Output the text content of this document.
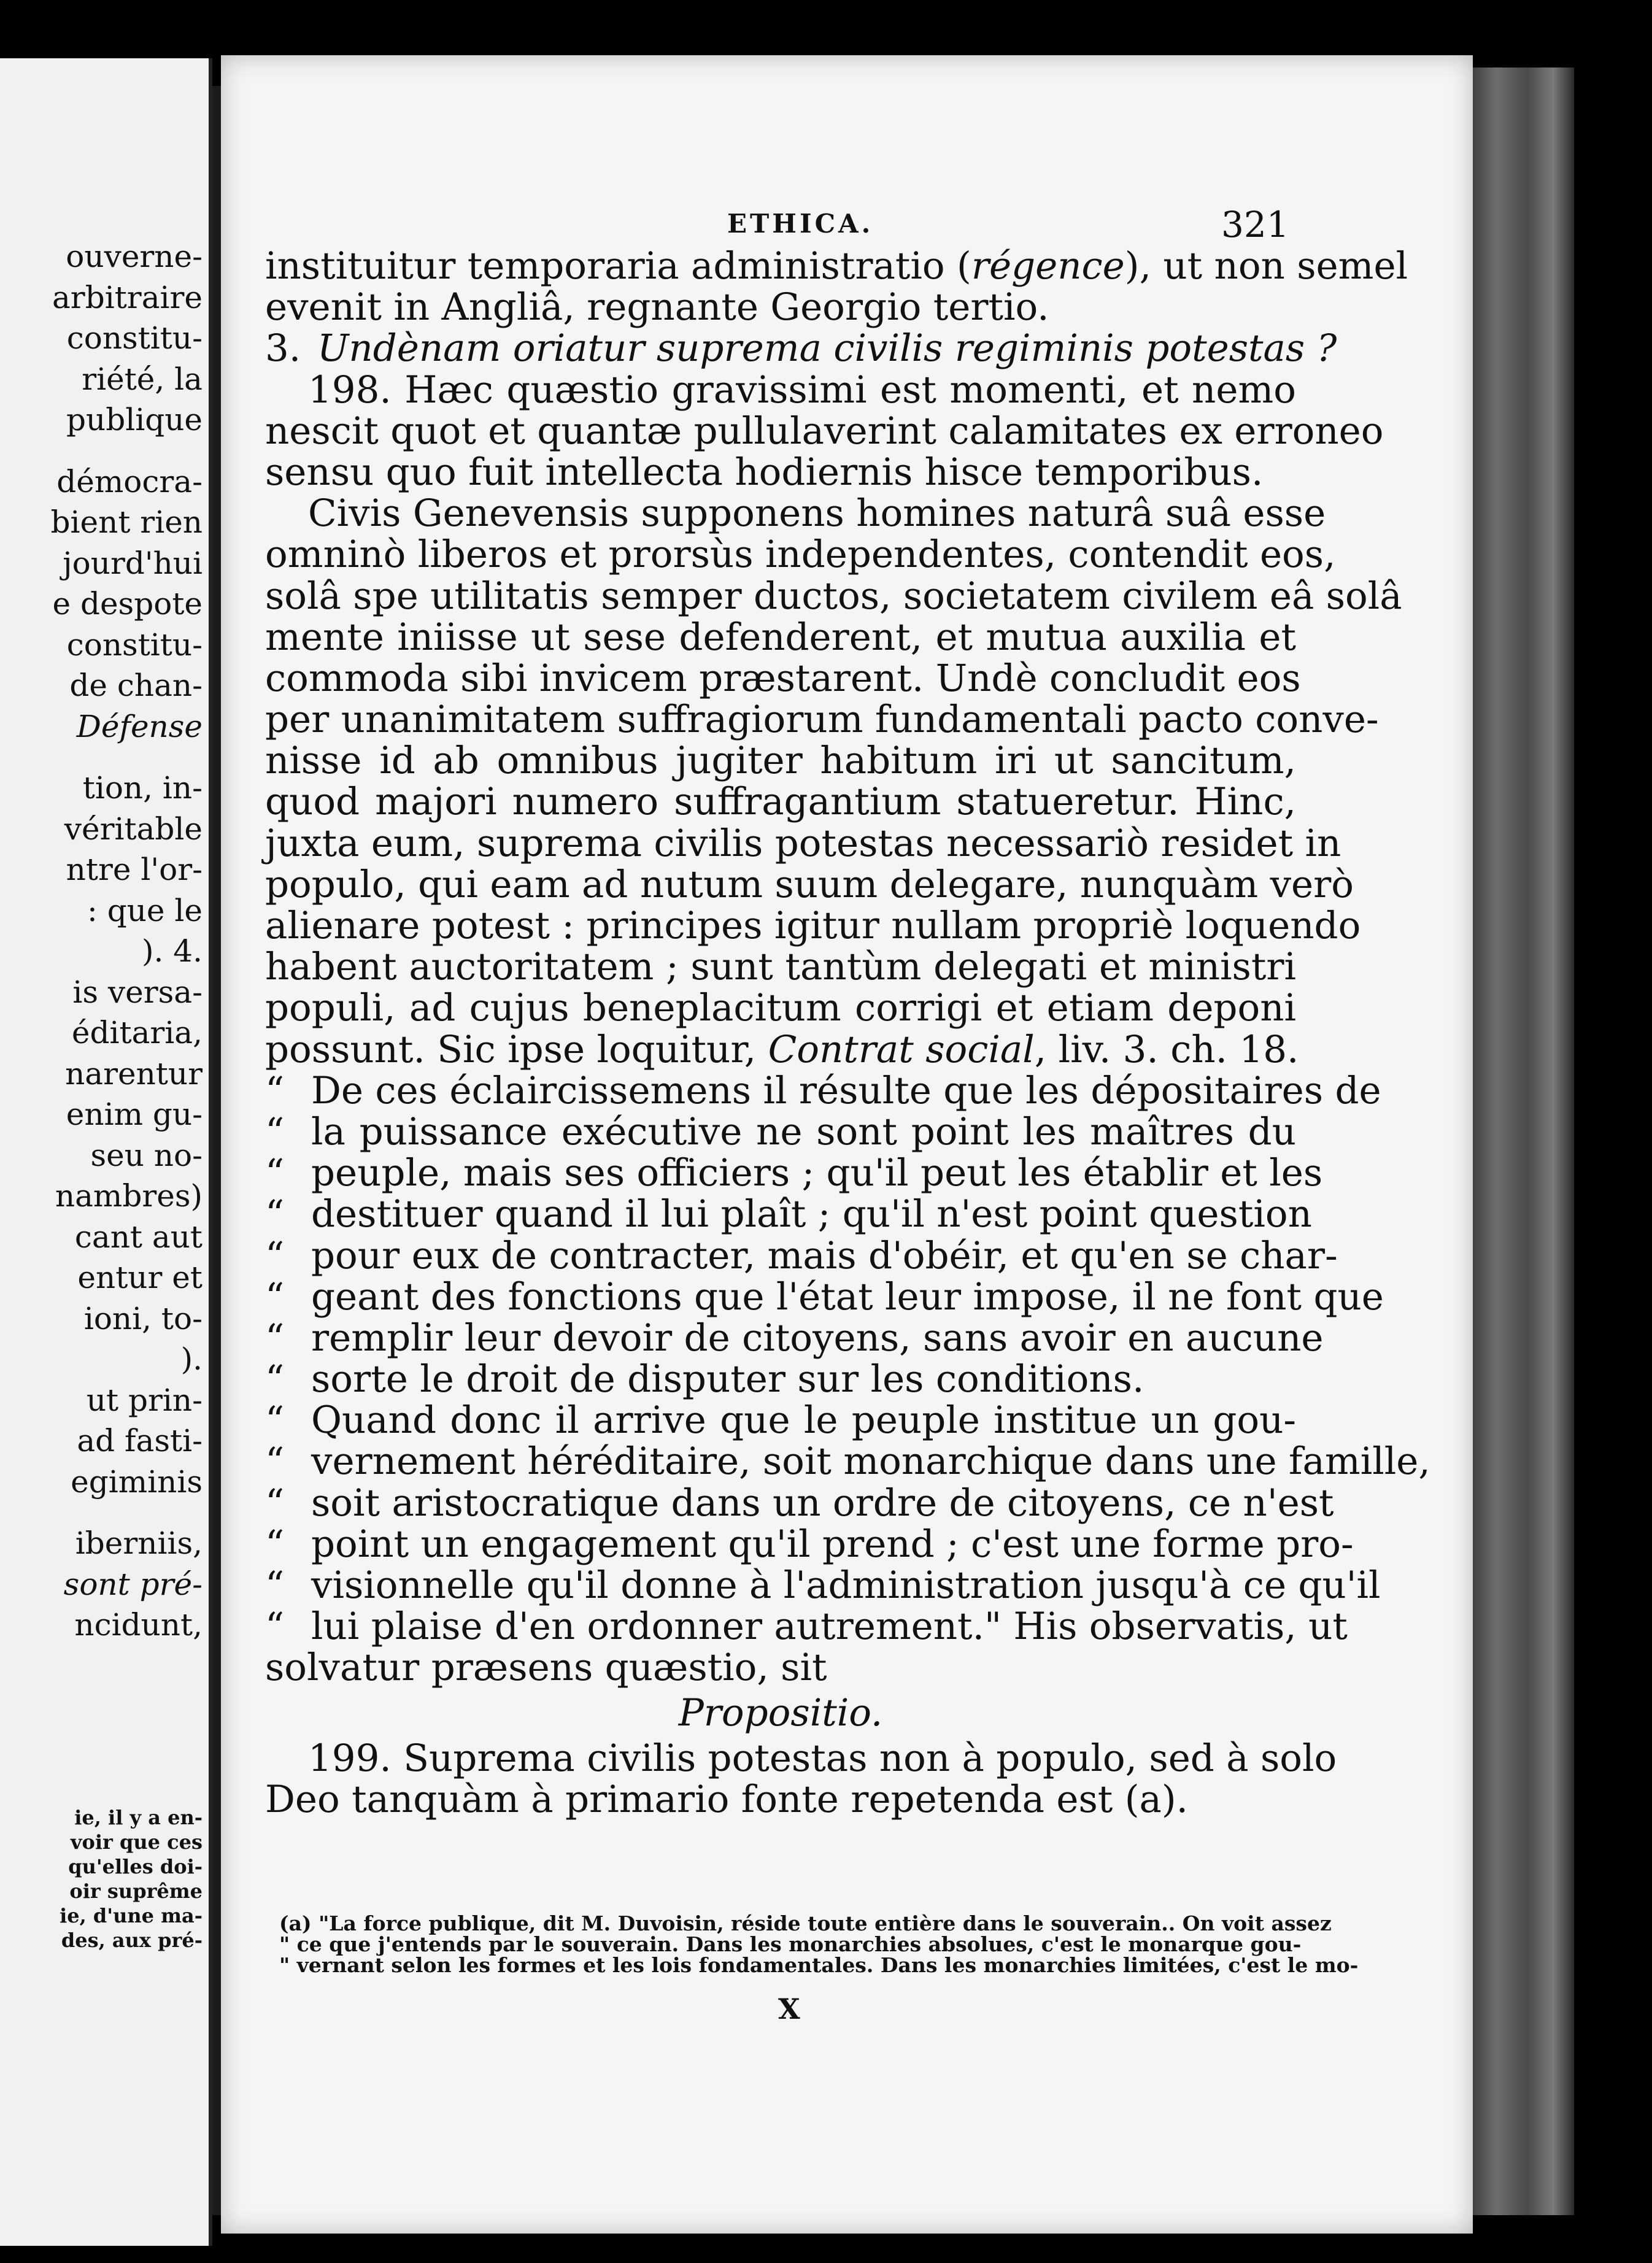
ouverne-
arbitraire
constitu-
riété, la
publique
démocra-
bient rien
jourd'hui
e despote
constitu-
de chan-
Défense
tion, in-
véritable
ntre l'or-
: que le
). 4.
is versa-
éditaria,
narentur
enim gu-
seu no-
nambres)
cant aut
entur et
ioni, to-
).
ut prin-
ad fasti-
egiminis
iberniis,
sont pré-
ncidunt,
ie, il y a en-
voir que ces
qu'elles doi-
oir suprême
ie, d'une ma-
des, aux pré-
ETHICA.	321
instituitur temporaria administratio (régence), ut non semel
evenit in Angliâ, regnante Georgio tertio.
3. Undènam oriatur suprema civilis regiminis potestas ?
198. Hæc quæstio gravissimi est momenti, et nemo
nescit quot et quantæ pullulaverint calamitates ex erroneo
sensu quo fuit intellecta hodiernis hisce temporibus.
Civis Genevensis supponens homines naturâ suâ esse
omninò liberos et prorsùs independentes, contendit eos,
solâ spe utilitatis semper ductos, societatem civilem eâ solâ
mente iniisse ut sese defenderent, et mutua auxilia et
commoda sibi invicem præstarent. Undè concludit eos
per unanimitatem suffragiorum fundamentali pacto conve-
nisse id ab omnibus jugiter habitum iri ut sancitum,
quod majori numero suffragantium statueretur. Hinc,
juxta eum, suprema civilis potestas necessariò residet in
populo, qui eam ad nutum suum delegare, nunquàm verò
alienare potest : principes igitur nullam propriè loquendo
habent auctoritatem ; sunt tantùm delegati et ministri
populi, ad cujus beneplacitum corrigi et etiam deponi
possunt. Sic ipse loquitur, Contrat social, liv. 3. ch. 18.
“ De ces éclaircissemens il résulte que les dépositaires de
“ la puissance exécutive ne sont point les maîtres du
“ peuple, mais ses officiers ; qu'il peut les établir et les
“ destituer quand il lui plaît ; qu'il n'est point question
“ pour eux de contracter, mais d'obéir, et qu'en se char-
“ geant des fonctions que l'état leur impose, il ne font que
“ remplir leur devoir de citoyens, sans avoir en aucune
“ sorte le droit de disputer sur les conditions.
“ Quand donc il arrive que le peuple institue un gou-
“ vernement héréditaire, soit monarchique dans une famille,
“ soit aristocratique dans un ordre de citoyens, ce n'est
“ point un engagement qu'il prend ; c'est une forme pro-
“ visionnelle qu'il donne à l'administration jusqu'à ce qu'il
“ lui plaise d'en ordonner autrement." His observatis, ut
solvatur præsens quæstio, sit
Propositio.
199. Suprema civilis potestas non à populo, sed à solo
Deo tanquàm à primario fonte repetenda est (a).
(a) "La force publique, dit M. Duvoisin, réside toute entière dans le souverain.. On voit assez
" ce que j'entends par le souverain. Dans les monarchies absolues, c'est le monarque gou-
" vernant selon les formes et les lois fondamentales. Dans les monarchies limitées, c'est le mo-
X
